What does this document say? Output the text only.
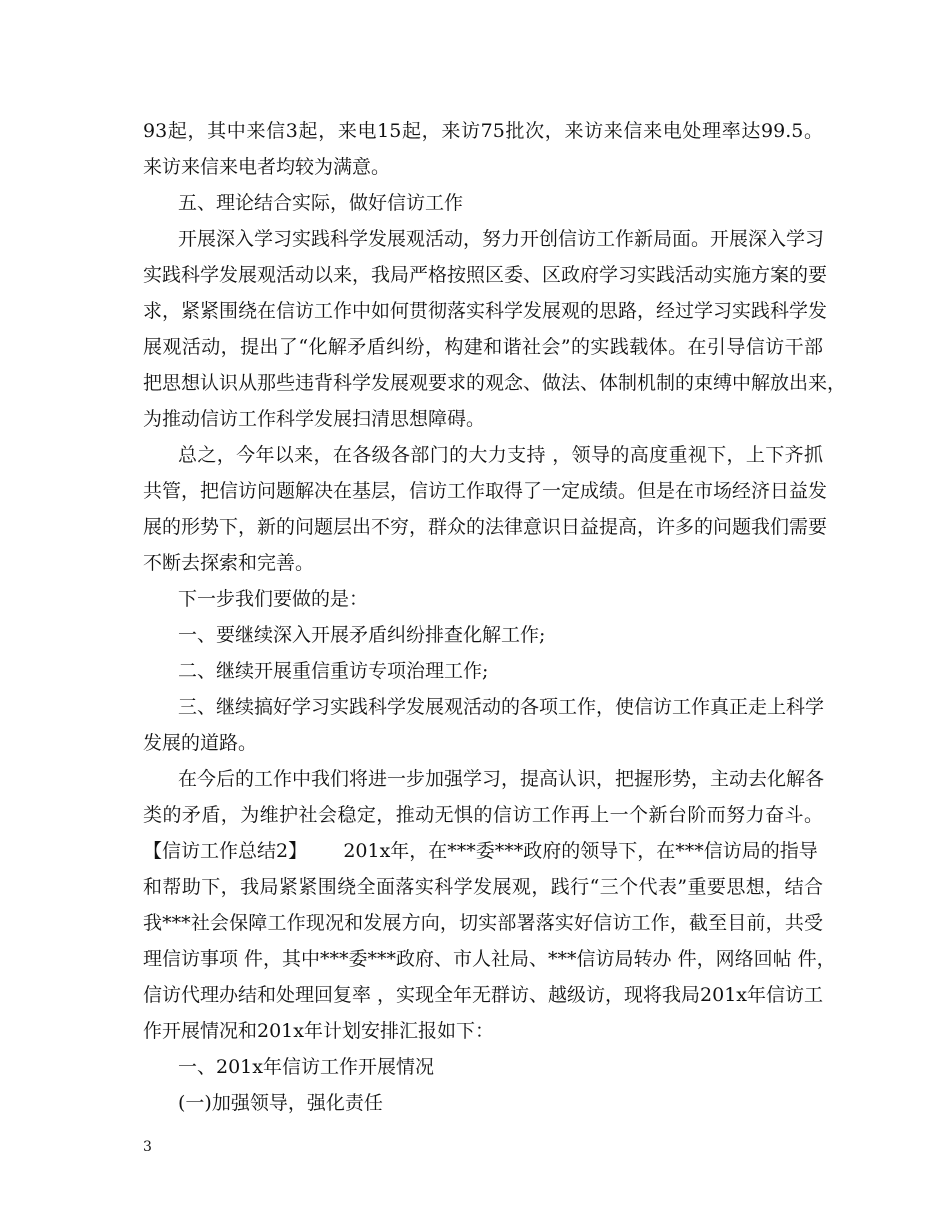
93起，其中来信3起，来电15起，来访75批次，来访来信来电处理率达99.5。
来访来信来电者均较为满意。
五、理论结合实际，做好信访工作
开展深入学习实践科学发展观活动，努力开创信访工作新局面。开展深入学习
实践科学发展观活动以来，我局严格按照区委、区政府学习实践活动实施方案的要
求，紧紧围绕在信访工作中如何贯彻落实科学发展观的思路，经过学习实践科学发
展观活动，提出了“化解矛盾纠纷，构建和谐社会”的实践载体。在引导信访干部
把思想认识从那些违背科学发展观要求的观念、做法、体制机制的束缚中解放出来，
为推动信访工作科学发展扫清思想障碍。
总之，今年以来，在各级各部门的大力支持 ，领导的高度重视下，上下齐抓
共管，把信访问题解决在基层，信访工作取得了一定成绩。但是在市场经济日益发
展的形势下，新的问题层出不穷，群众的法律意识日益提高，许多的问题我们需要
不断去探索和完善。
下一步我们要做的是：
一、要继续深入开展矛盾纠纷排查化解工作;
二、继续开展重信重访专项治理工作;
三、继续搞好学习实践科学发展观活动的各项工作，使信访工作真正走上科学
发展的道路。
在今后的工作中我们将进一步加强学习，提高认识，把握形势，主动去化解各
类的矛盾，为维护社会稳定，推动无惧的信访工作再上一个新台阶而努力奋斗。
【信访工作总结2】      201x年，在***委***政府的领导下，在***信访局的指导
和帮助下，我局紧紧围绕全面落实科学发展观，践行“三个代表”重要思想，结合
我***社会保障工作现况和发展方向，切实部署落实好信访工作，截至目前，共受
理信访事项 件，其中***委***政府、市人社局、***信访局转办 件，网络回帖 件，
信访代理办结和处理回复率 ，实现全年无群访、越级访，现将我局201x年信访工
作开展情况和201x年计划安排汇报如下：
一、201x年信访工作开展情况
(一)加强领导，强化责任
3
